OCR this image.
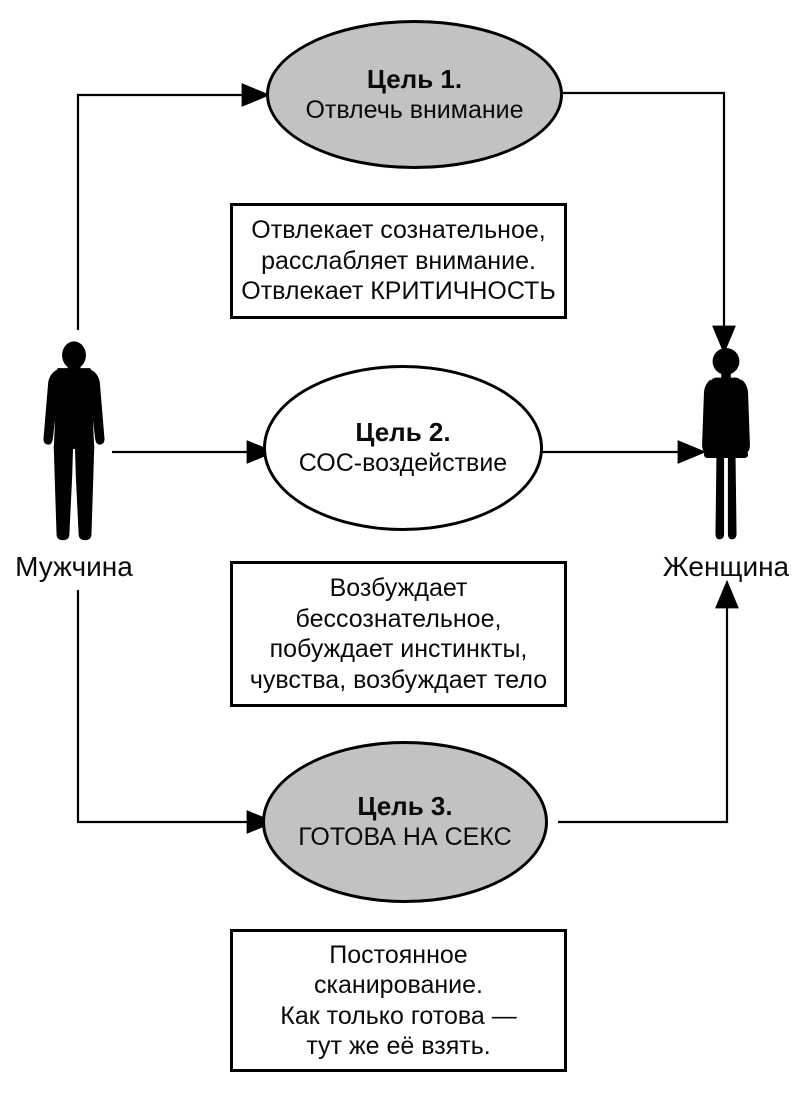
Мужчина	Женщина
Цель 1.
Отвлечь внимание
Цель 2.
СОС-воздействие
Цель 3.
ГОТОВА НА СЕКС
Отвлекает сознательное,
расслабляет внимание.
Отвлекает КРИТИЧНОСТЬ
Возбуждает
бессознательное,
побуждает инстинкты,
чувства, возбуждает тело
Постоянное
сканирование.
Как только готова —
тут же её взять.
